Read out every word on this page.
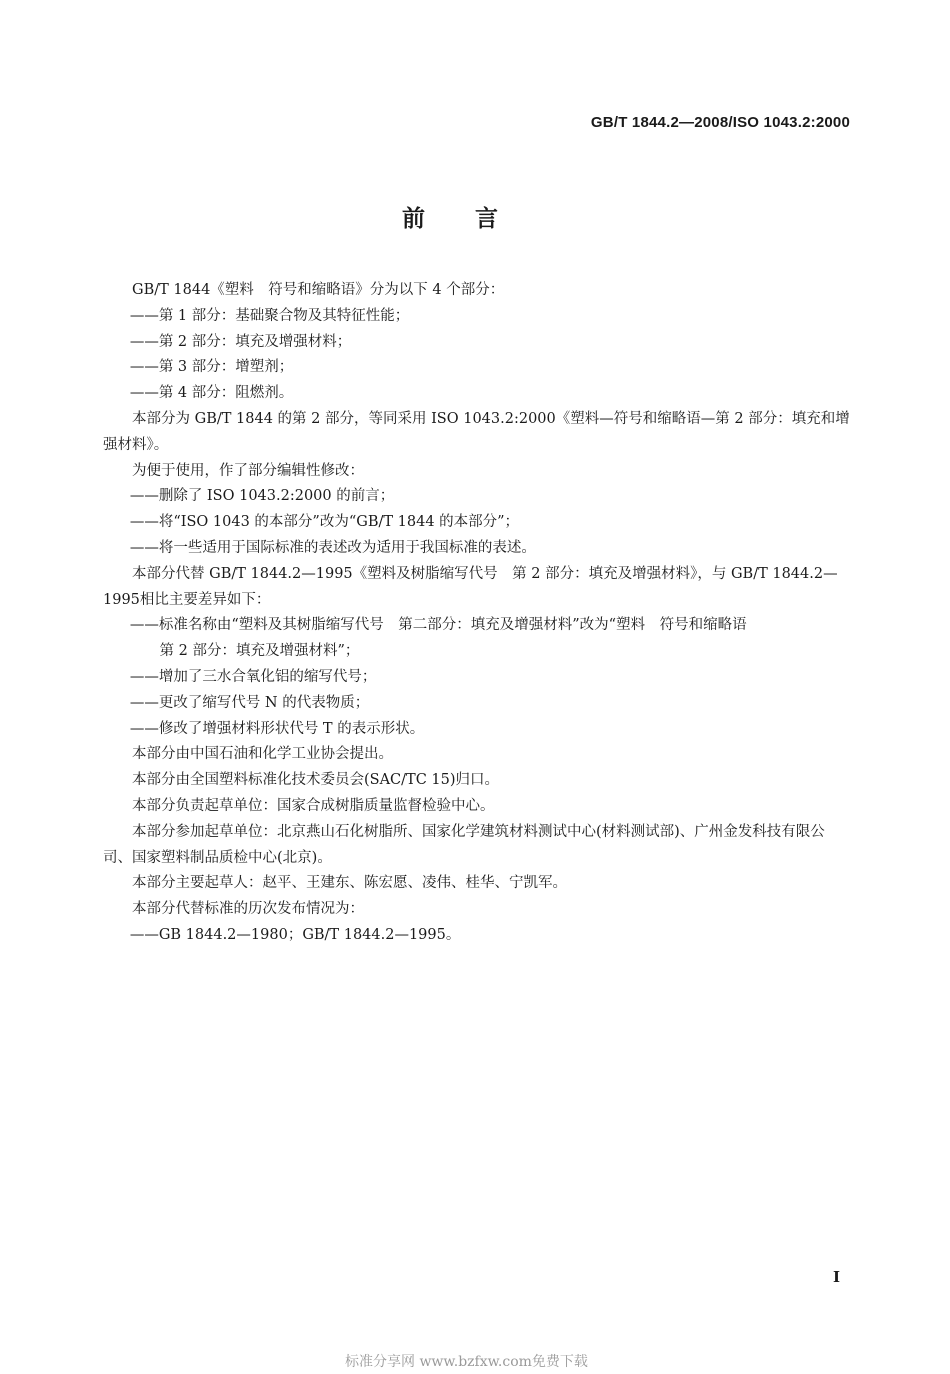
GB/T 1844.2—2008/ISO 1043.2:2000
前言

GB/T 1844《塑料　符号和缩略语》分为以下 4 个部分：

——第 1 部分：基础聚合物及其特征性能；

——第 2 部分：填充及增强材料；

——第 3 部分：增塑剂；

——第 4 部分：阻燃剂。

本部分为 GB/T 1844 的第 2 部分，等同采用 ISO 1043.2:2000《塑料—符号和缩略语—第 2 部分：填充和增强材料》。

为便于使用，作了部分编辑性修改：

——删除了 ISO 1043.2:2000 的前言；

——将“ISO 1043 的本部分”改为“GB/T 1844 的本部分”；

——将一些适用于国际标准的表述改为适用于我国标准的表述。

本部分代替 GB/T 1844.2—1995《塑料及树脂缩写代号　第 2 部分：填充及增强材料》，与 GB/T 1844.2—1995相比主要差异如下：

——标准名称由“塑料及其树脂缩写代号　第二部分：填充及增强材料”改为“塑料　符号和缩略语

第 2 部分：填充及增强材料”；

——增加了三水合氧化铝的缩写代号；

——更改了缩写代号 N 的代表物质；

——修改了增强材料形状代号 T 的表示形状。

本部分由中国石油和化学工业协会提出。

本部分由全国塑料标准化技术委员会(SAC/TC 15)归口。

本部分负责起草单位：国家合成树脂质量监督检验中心。

本部分参加起草单位：北京燕山石化树脂所、国家化学建筑材料测试中心(材料测试部)、广州金发科技有限公司、国家塑料制品质检中心(北京)。

本部分主要起草人：赵平、王建东、陈宏愿、凌伟、桂华、宁凯军。

本部分代替标准的历次发布情况为：

——GB 1844.2—1980；GB/T 1844.2—1995。

I
标准分享网 www.bzfxw.com免费下载
